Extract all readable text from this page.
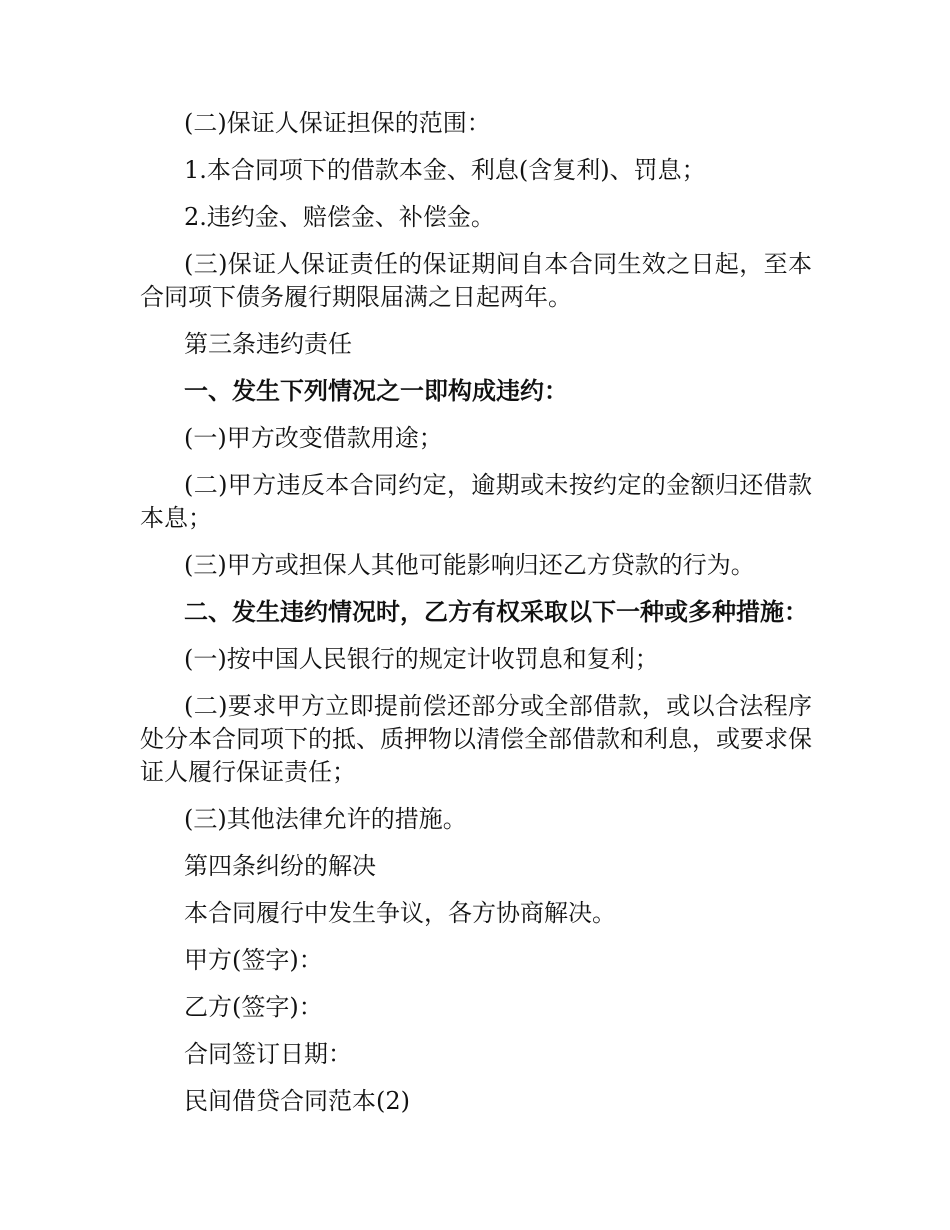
(二)保证人保证担保的范围：

1.本合同项下的借款本金、利息(含复利)、罚息；

2.违约金、赔偿金、补偿金。

(三)保证人保证责任的保证期间自本合同生效之日起，至本合同项下债务履行期限届满之日起两年。

第三条违约责任

一、发生下列情况之一即构成违约：

(一)甲方改变借款用途；

(二)甲方违反本合同约定，逾期或未按约定的金额归还借款本息；

(三)甲方或担保人其他可能影响归还乙方贷款的行为。

二、发生违约情况时，乙方有权采取以下一种或多种措施：

(一)按中国人民银行的规定计收罚息和复利；

(二)要求甲方立即提前偿还部分或全部借款，或以合法程序处分本合同项下的抵、质押物以清偿全部借款和利息，或要求保证人履行保证责任；

(三)其他法律允许的措施。

第四条纠纷的解决

本合同履行中发生争议，各方协商解决。

甲方(签字)：

乙方(签字)：

合同签订日期：

民间借贷合同范本(2)
